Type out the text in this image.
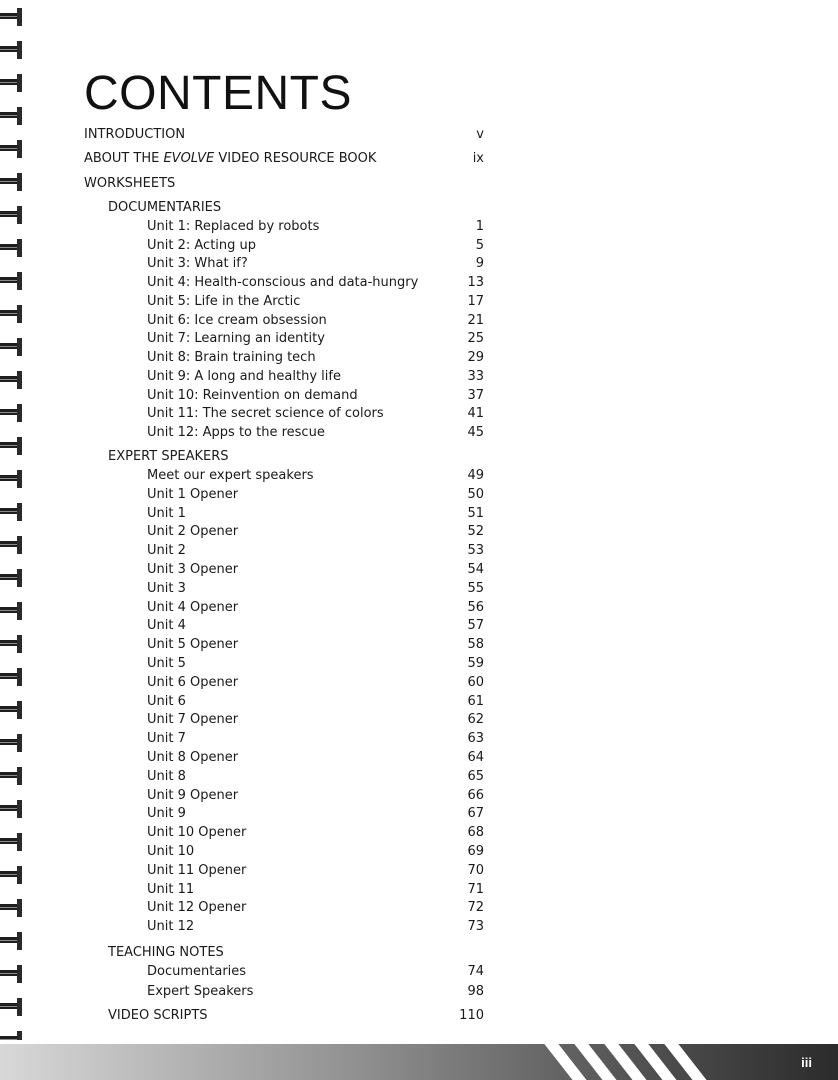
CONTENTS
INTRODUCTION	v
ABOUT THE EVOLVE VIDEO RESOURCE BOOK	ix
WORKSHEETS
DOCUMENTARIES
Unit 1: Replaced by robots	1
Unit 2: Acting up	5
Unit 3: What if?	9
Unit 4: Health-conscious and data-hungry	13
Unit 5: Life in the Arctic	17
Unit 6: Ice cream obsession	21
Unit 7: Learning an identity	25
Unit 8: Brain training tech	29
Unit 9: A long and healthy life	33
Unit 10: Reinvention on demand	37
Unit 11: The secret science of colors	41
Unit 12: Apps to the rescue	45
EXPERT SPEAKERS
Meet our expert speakers	49
Unit 1 Opener	50
Unit 1	51
Unit 2 Opener	52
Unit 2	53
Unit 3 Opener	54
Unit 3	55
Unit 4 Opener	56
Unit 4	57
Unit 5 Opener	58
Unit 5	59
Unit 6 Opener	60
Unit 6	61
Unit 7 Opener	62
Unit 7	63
Unit 8 Opener	64
Unit 8	65
Unit 9 Opener	66
Unit 9	67
Unit 10 Opener	68
Unit 10	69
Unit 11 Opener	70
Unit 11	71
Unit 12 Opener	72
Unit 12	73
TEACHING NOTES
Documentaries	74
Expert Speakers	98
VIDEO SCRIPTS	110
iii
